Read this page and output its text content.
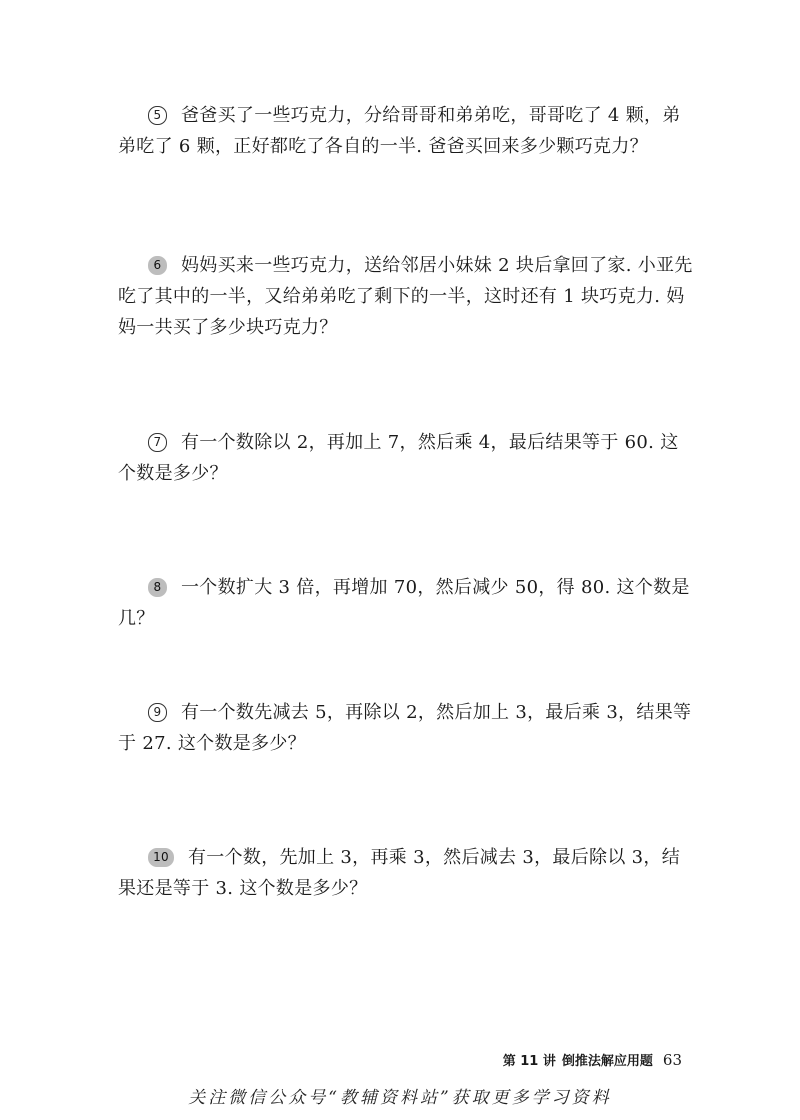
5 爸爸买了一些巧克力，分给哥哥和弟弟吃，哥哥吃了 4 颗，弟弟吃了 6 颗，正好都吃了各自的一半. 爸爸买回来多少颗巧克力？
6 妈妈买来一些巧克力，送给邻居小妹妹 2 块后拿回了家. 小亚先吃了其中的一半，又给弟弟吃了剩下的一半，这时还有 1 块巧克力. 妈妈一共买了多少块巧克力？
7 有一个数除以 2，再加上 7，然后乘 4，最后结果等于 60. 这个数是多少？
8 一个数扩大 3 倍，再增加 70，然后减少 50，得 80. 这个数是几？
9 有一个数先减去 5，再除以 2，然后加上 3，最后乘 3，结果等于 27. 这个数是多少？
10 有一个数，先加上 3，再乘 3，然后减去 3，最后除以 3，结果还是等于 3. 这个数是多少？
第 11 讲 倒推法解应用题 63
关注微信公众号“教辅资料站”获取更多学习资料
